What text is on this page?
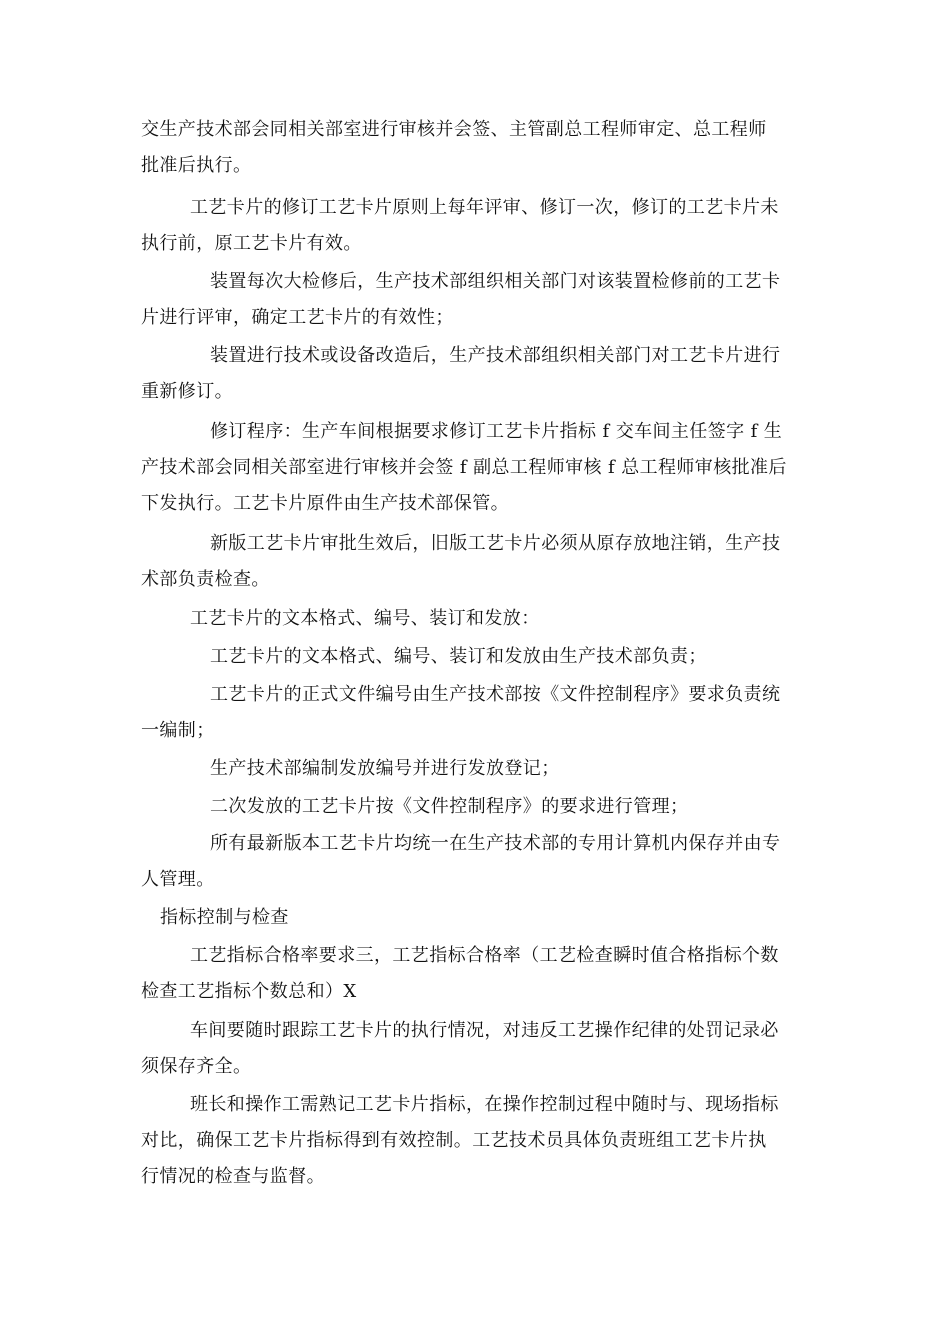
交生产技术部会同相关部室进行审核并会签、主管副总工程师审定、总工程师
批准后执行。
工艺卡片的修订工艺卡片原则上每年评审、修订一次，修订的工艺卡片未
执行前，原工艺卡片有效。
装置每次大检修后，生产技术部组织相关部门对该装置检修前的工艺卡
片进行评审，确定工艺卡片的有效性；
装置进行技术或设备改造后，生产技术部组织相关部门对工艺卡片进行
重新修订。
修订程序：生产车间根据要求修订工艺卡片指标 f 交车间主任签字 f 生
产技术部会同相关部室进行审核并会签 f 副总工程师审核 f 总工程师审核批准后
下发执行。工艺卡片原件由生产技术部保管。
新版工艺卡片审批生效后，旧版工艺卡片必须从原存放地注销，生产技
术部负责检查。
工艺卡片的文本格式、编号、装订和发放：
工艺卡片的文本格式、编号、装订和发放由生产技术部负责；
工艺卡片的正式文件编号由生产技术部按《文件控制程序》要求负责统
一编制；
生产技术部编制发放编号并进行发放登记；
二次发放的工艺卡片按《文件控制程序》的要求进行管理；
所有最新版本工艺卡片均统一在生产技术部的专用计算机内保存并由专
人管理。
指标控制与检查
工艺指标合格率要求三，工艺指标合格率（工艺检查瞬时值合格指标个数
检查工艺指标个数总和）X
车间要随时跟踪工艺卡片的执行情况，对违反工艺操作纪律的处罚记录必
须保存齐全。
班长和操作工需熟记工艺卡片指标，在操作控制过程中随时与、现场指标
对比，确保工艺卡片指标得到有效控制。工艺技术员具体负责班组工艺卡片执
行情况的检查与监督。
